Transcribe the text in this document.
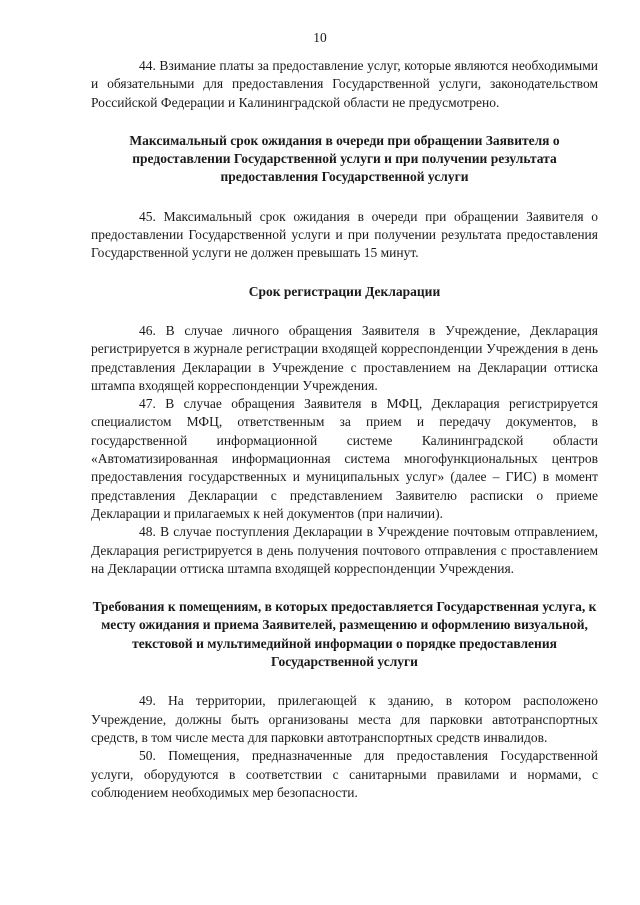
10

44. Взимание платы за предоставление услуг, которые являются необходимыми и обязательными для предоставления Государственной услуги, законодательством Российской Федерации и Калининградской области не предусмотрено.

Максимальный срок ожидания в очереди при обращении Заявителя о предоставлении Государственной услуги и при получении результата предоставления Государственной услуги

45. Максимальный срок ожидания в очереди при обращении Заявителя о предоставлении Государственной услуги и при получении результата предоставления Государственной услуги не должен превышать 15 минут.

Срок регистрации Декларации

46. В случае личного обращения Заявителя в Учреждение, Декларация регистрируется в журнале регистрации входящей корреспонденции Учреждения в день представления Декларации в Учреждение с проставлением на Декларации оттиска штампа входящей корреспонденции Учреждения.

47. В случае обращения Заявителя в МФЦ, Декларация регистрируется специалистом МФЦ, ответственным за прием и передачу документов, в государственной информационной системе Калининградской области «Автоматизированная информационная система многофункциональных центров предоставления государственных и муниципальных услуг» (далее – ГИС) в момент представления Декларации с представлением Заявителю расписки о приеме Декларации и прилагаемых к ней документов (при наличии).

48. В случае поступления Декларации в Учреждение почтовым отправлением, Декларация регистрируется в день получения почтового отправления с проставлением на Декларации оттиска штампа входящей корреспонденции Учреждения.

Требования к помещениям, в которых предоставляется Государственная услуга, к месту ожидания и приема Заявителей, размещению и оформлению визуальной, текстовой и мультимедийной информации о порядке предоставления Государственной услуги

49. На территории, прилегающей к зданию, в котором расположено Учреждение, должны быть организованы места для парковки автотранспортных средств, в том числе места для парковки автотранспортных средств инвалидов.

50. Помещения, предназначенные для предоставления Государственной услуги, оборудуются в соответствии с санитарными правилами и нормами, с соблюдением необходимых мер безопасности.
